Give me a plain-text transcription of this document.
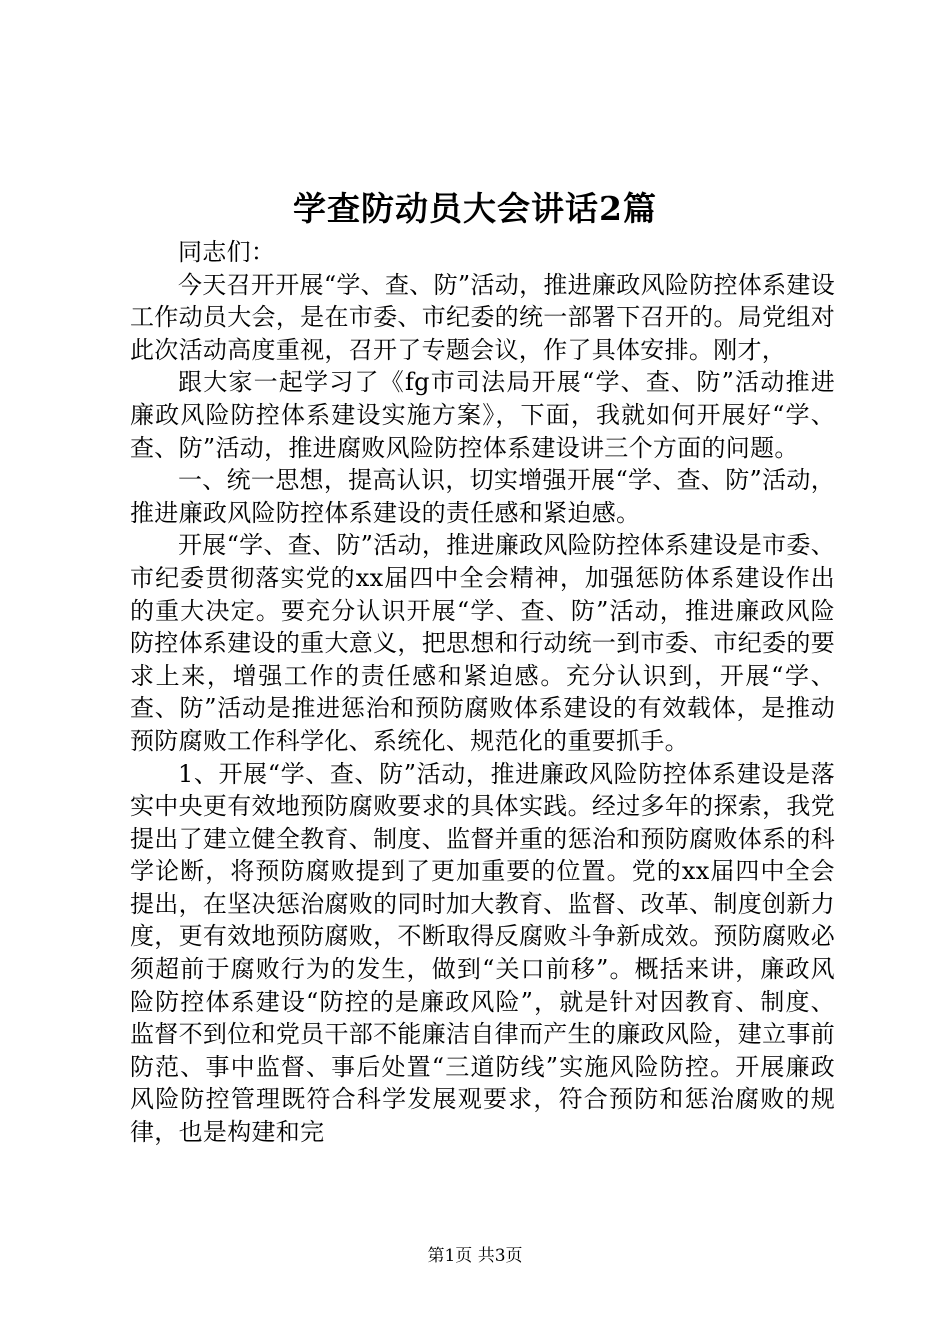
学查防动员大会讲话2篇

同志们：

今天召开开展“学、查、防”活动，推进廉政风险防控体系建设工作动员大会，是在市委、市纪委的统一部署下召开的。局党组对此次活动高度重视，召开了专题会议，作了具体安排。刚才，

跟大家一起学习了《fg市司法局开展“学、查、防”活动推进廉政风险防控体系建设实施方案》，下面，我就如何开展好“学、查、防”活动，推进腐败风险防控体系建设讲三个方面的问题。

一、统一思想，提高认识，切实增强开展“学、查、防”活动，推进廉政风险防控体系建设的责任感和紧迫感。

开展“学、查、防”活动，推进廉政风险防控体系建设是市委、市纪委贯彻落实党的xx届四中全会精神，加强惩防体系建设作出的重大决定。要充分认识开展“学、查、防”活动，推进廉政风险防控体系建设的重大意义，把思想和行动统一到市委、市纪委的要求上来，增强工作的责任感和紧迫感。充分认识到，开展“学、查、防”活动是推进惩治和预防腐败体系建设的有效载体，是推动预防腐败工作科学化、系统化、规范化的重要抓手。

1、开展“学、查、防”活动，推进廉政风险防控体系建设是落实中央更有效地预防腐败要求的具体实践。经过多年的探索，我党提出了建立健全教育、制度、监督并重的惩治和预防腐败体系的科学论断，将预防腐败提到了更加重要的位置。党的xx届四中全会提出，在坚决惩治腐败的同时加大教育、监督、改革、制度创新力度，更有效地预防腐败，不断取得反腐败斗争新成效。预防腐败必须超前于腐败行为的发生，做到“关口前移”。概括来讲，廉政风险防控体系建设“防控的是廉政风险”，就是针对因教育、制度、监督不到位和党员干部不能廉洁自律而产生的廉政风险，建立事前防范、事中监督、事后处置“三道防线”实施风险防控。开展廉政风险防控管理既符合科学发展观要求，符合预防和惩治腐败的规律，也是构建和完

第1页 共3页
